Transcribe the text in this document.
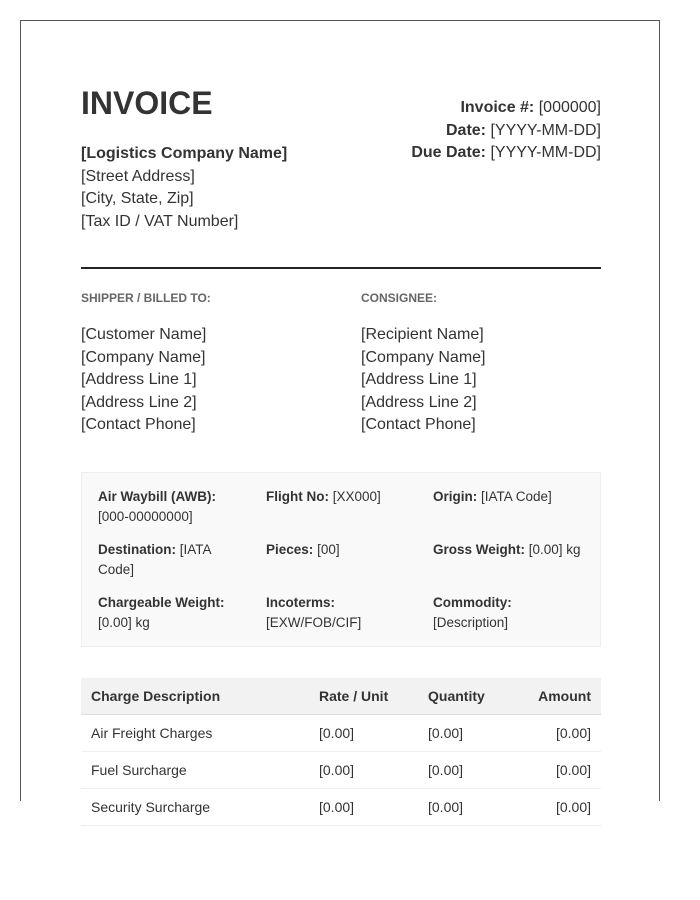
INVOICE
[Logistics Company Name]
[Street Address]
[City, State, Zip]
[Tax ID / VAT Number]
Invoice #: [000000]
Date: [YYYY-MM-DD]
Due Date: [YYYY-MM-DD]
SHIPPER / BILLED TO:
[Customer Name]
[Company Name]
[Address Line 1]
[Address Line 2]
[Contact Phone]
CONSIGNEE:
[Recipient Name]
[Company Name]
[Address Line 1]
[Address Line 2]
[Contact Phone]
Air Waybill (AWB): [000-00000000]
Flight No: [XX000]	Origin: [IATA Code]
Destination: [IATA Code]
Pieces: [00]	Gross Weight: [0.00] kg
Chargeable Weight: [0.00] kg
Incoterms: [EXW/FOB/CIF]
Commodity: [Description]
Charge Description	Rate / Unit	Quantity	Amount
Air Freight Charges	[0.00]	[0.00]	[0.00]
Fuel Surcharge	[0.00]	[0.00]	[0.00]
Security Surcharge	[0.00]	[0.00]	[0.00]
